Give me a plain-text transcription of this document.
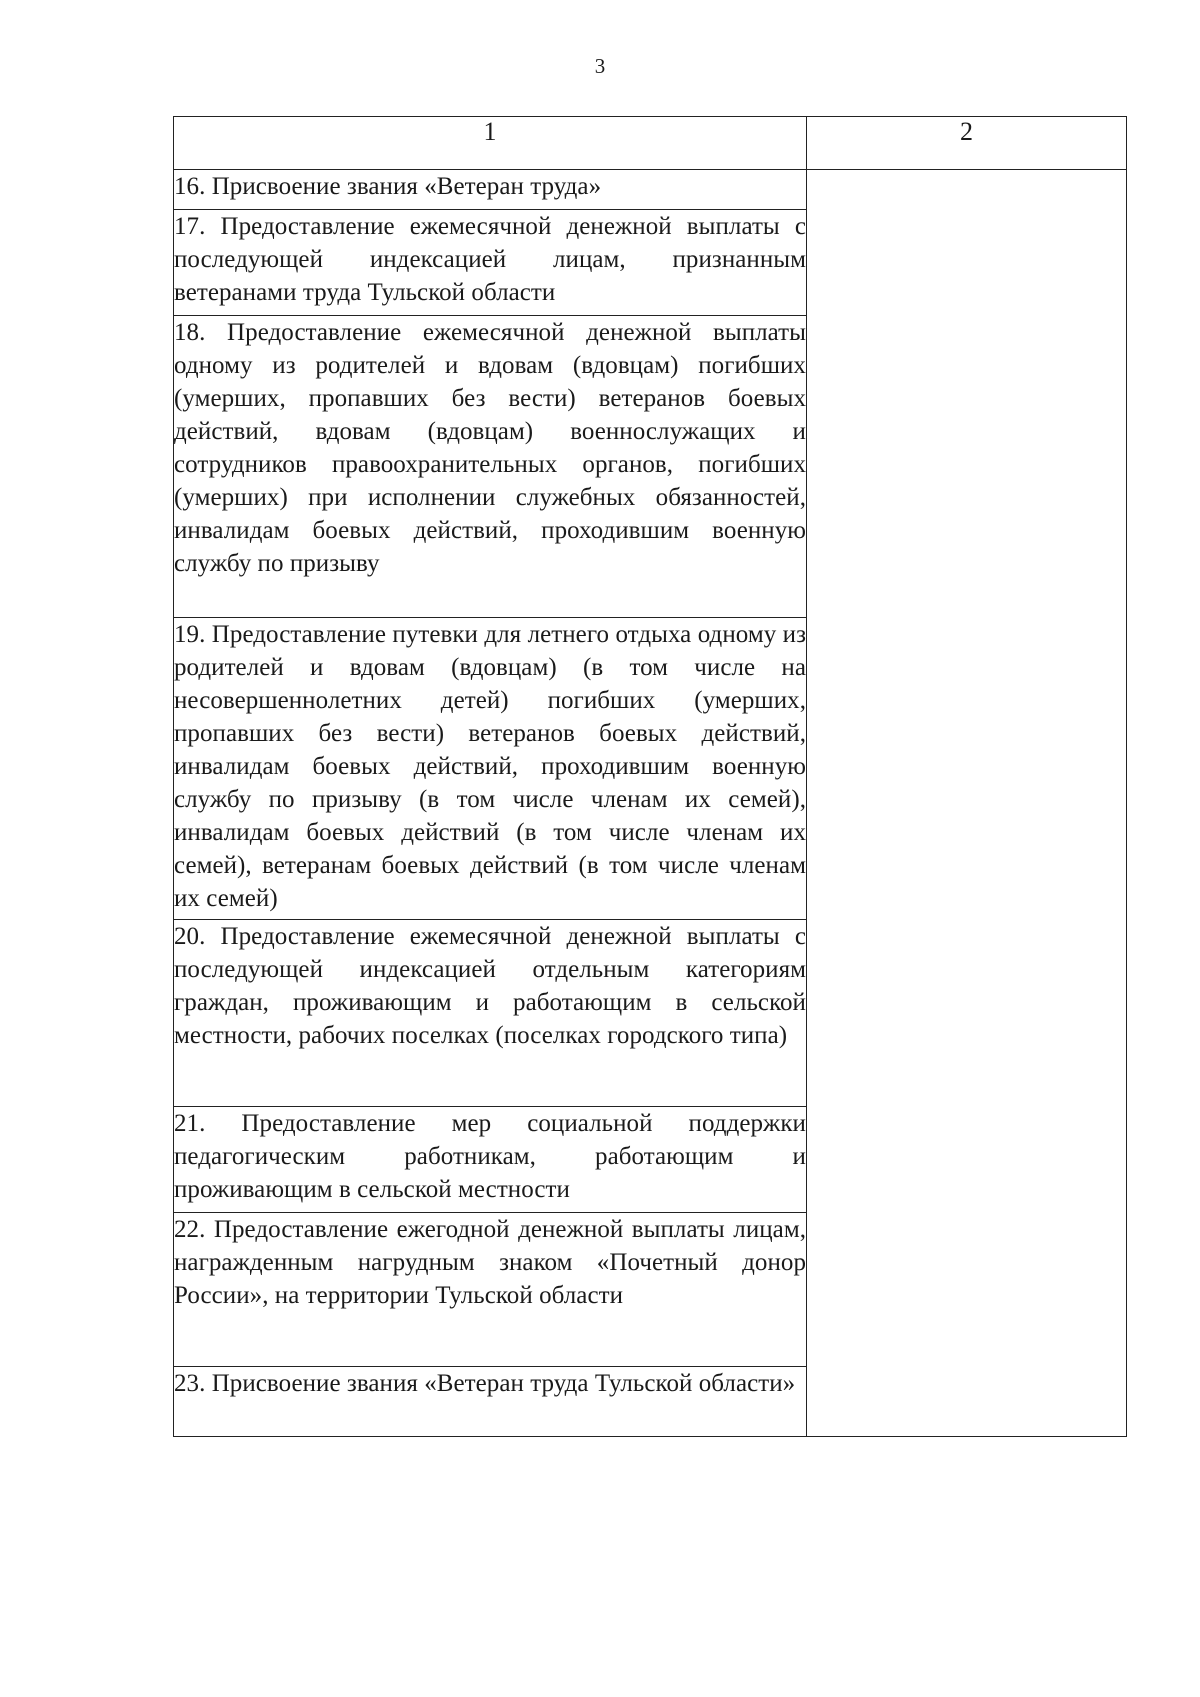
3
1	2
16. Присвоение звания «Ветеран труда»	
17. Предоставление ежемесячной денежной выплаты с последующей индексацией лицам, признанным ветеранами труда Тульской области	
18. Предоставление ежемесячной денежной выплаты одному из родителей и вдовам (вдовцам) погибших (умерших, пропавших без вести) ветеранов боевых действий, вдовам (вдовцам) военнослужащих и сотрудников правоохранительных органов, погибших (умерших) при исполнении служебных обязанностей, инвалидам боевых действий, проходившим военную службу по призыву	
19. Предоставление путевки для летнего отдыха одному из родителей и вдовам (вдовцам) (в том числе на несовершеннолетних детей) погибших (умерших, пропавших без вести) ветеранов боевых действий, инвалидам боевых действий, проходившим военную службу по призыву (в том числе членам их семей), инвалидам боевых действий (в том числе членам их семей), ветеранам боевых действий (в том числе членам их семей)	
20. Предоставление ежемесячной денежной выплаты с последующей индексацией отдельным категориям граждан, проживающим и работающим в сельской местности, рабочих поселках (поселках городского типа)	
21. Предоставление мер социальной поддержки педагогическим работникам, работающим и проживающим в сельской местности	
22. Предоставление ежегодной денежной выплаты лицам, награжденным нагрудным знаком «Почетный донор России», на территории Тульской области	
23. Присвоение звания «Ветеран труда Тульской области»	
